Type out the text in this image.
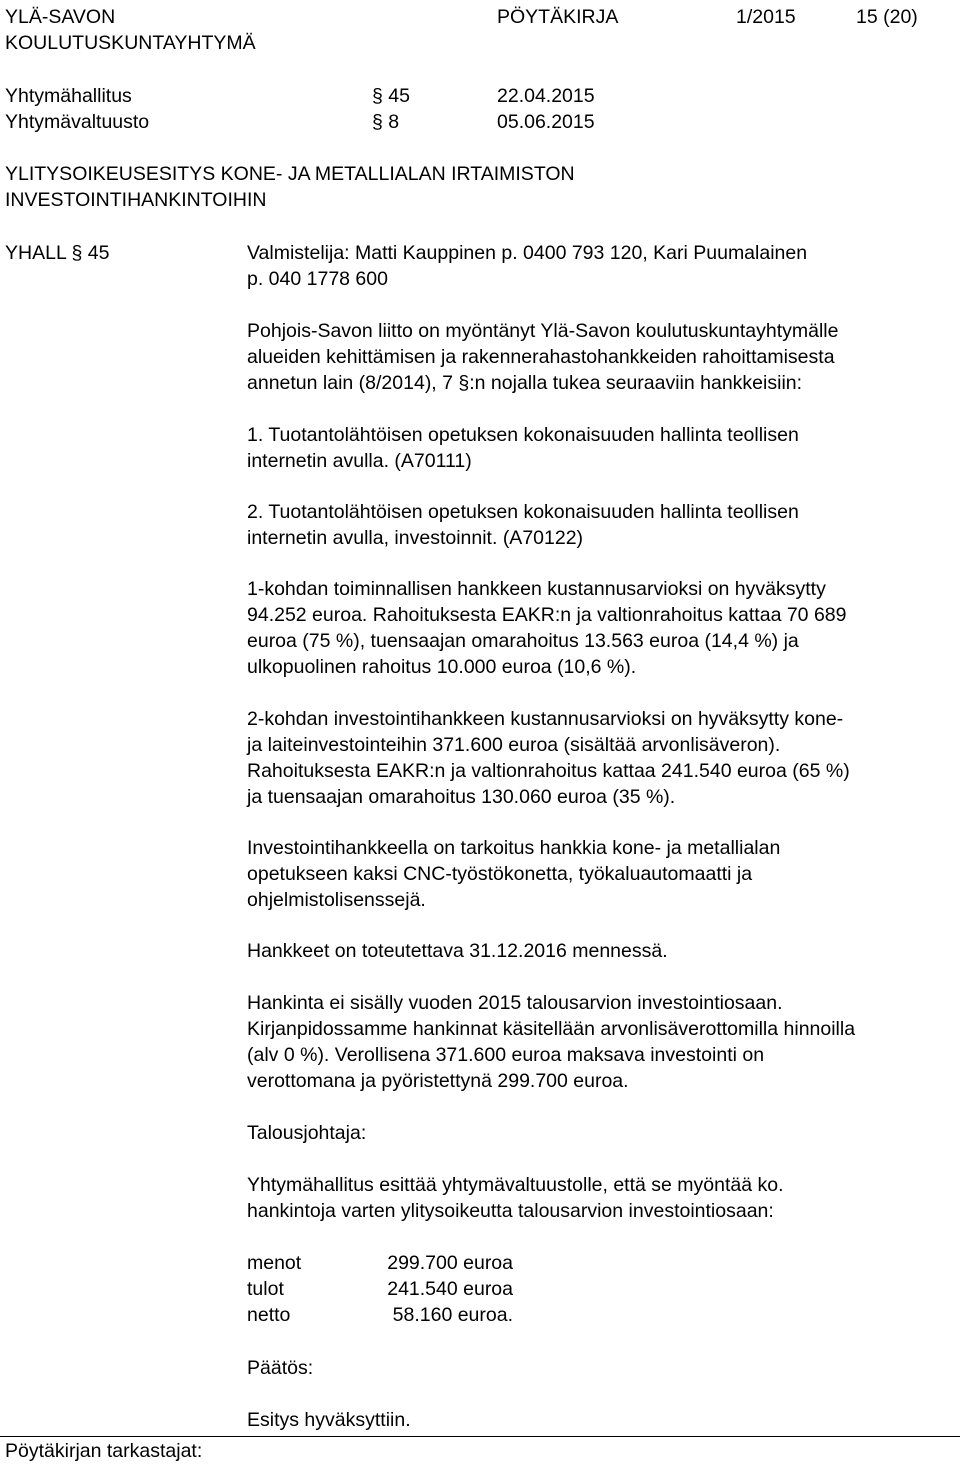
YLÄ-SAVON
KOULUTUSKUNTAYHTYMÄ
PÖYTÄKIRJA	1/2015	15 (20)
Yhtymähallitus	§ 45	22.04.2015
Yhtymävaltuusto	§ 8	05.06.2015
YLITYSOIKEUSESITYS KONE- JA METALLIALAN IRTAIMISTON
INVESTOINTIHANKINTOIHIN
YHALL § 45	Valmistelija: Matti Kauppinen p. 0400 793 120, Kari Puumalainen
p. 040 1778 600
Pohjois-Savon liitto on myöntänyt Ylä-Savon koulutuskuntayhtymälle
alueiden kehittämisen ja rakennerahastohankkeiden rahoittamisesta
annetun lain (8/2014), 7 §:n nojalla tukea seuraaviin hankkeisiin:
1. Tuotantolähtöisen opetuksen kokonaisuuden hallinta teollisen
internetin avulla. (A70111)
2. Tuotantolähtöisen opetuksen kokonaisuuden hallinta teollisen
internetin avulla, investoinnit. (A70122)
1-kohdan toiminnallisen hankkeen kustannusarvioksi on hyväksytty
94.252 euroa. Rahoituksesta EAKR:n ja valtionrahoitus kattaa 70 689
euroa (75 %), tuensaajan omarahoitus 13.563 euroa (14,4 %) ja
ulkopuolinen rahoitus 10.000 euroa (10,6 %).
2-kohdan investointihankkeen kustannusarvioksi on hyväksytty kone-
ja laiteinvestointeihin 371.600 euroa (sisältää arvonlisäveron).
Rahoituksesta EAKR:n ja valtionrahoitus kattaa 241.540 euroa (65 %)
ja tuensaajan omarahoitus 130.060 euroa (35 %).
Investointihankkeella on tarkoitus hankkia kone- ja metallialan
opetukseen kaksi CNC-työstökonetta, työkaluautomaatti ja
ohjelmistolisenssejä.
Hankkeet on toteutettava 31.12.2016 mennessä.
Hankinta ei sisälly vuoden 2015 talousarvion investointiosaan.
Kirjanpidossamme hankinnat käsitellään arvonlisäverottomilla hinnoilla
(alv 0 %). Verollisena 371.600 euroa maksava investointi on
verottomana ja pyöristettynä 299.700 euroa.
Talousjohtaja:
Yhtymähallitus esittää yhtymävaltuustolle, että se myöntää ko.
hankintoja varten ylitysoikeutta talousarvion investointiosaan:
menot	299.700 euroa
tulot	241.540 euroa
netto	58.160 euroa.
Päätös:
Esitys hyväksyttiin.
Pöytäkirjan tarkastajat:
